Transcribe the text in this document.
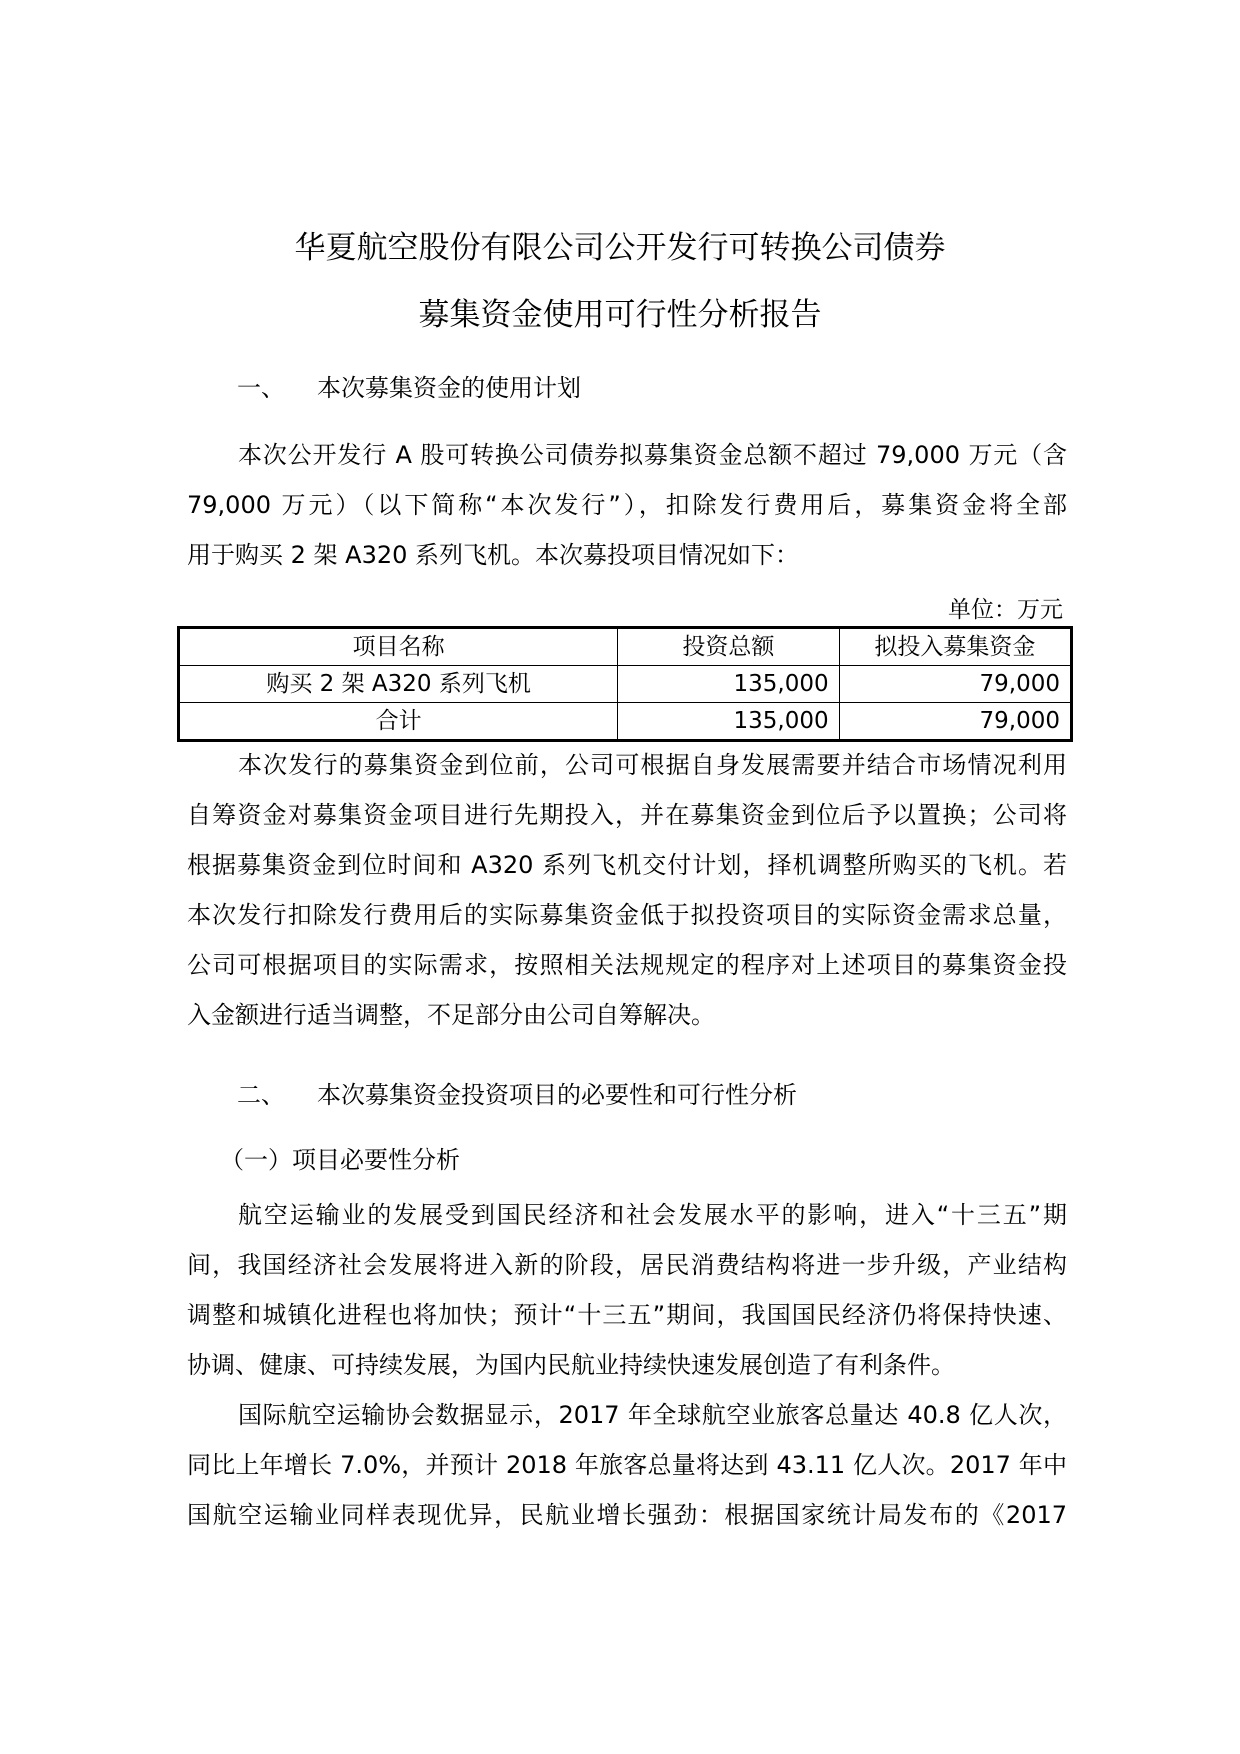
华夏航空股份有限公司公开发行可转换公司债券
募集资金使用可行性分析报告
一、 本次募集资金的使用计划
本次公开发行 A 股可转换公司债券拟募集资金总额不超过 79,000 万元（含
79,000 万元）（以下简称“本次发行”），扣除发行费用后，募集资金将全部
用于购买 2 架 A320 系列飞机。本次募投项目情况如下：
单位：万元
项目名称	投资总额	拟投入募集资金
购买 2 架 A320 系列飞机	135,000	79,000
合计	135,000	79,000
本次发行的募集资金到位前，公司可根据自身发展需要并结合市场情况利用
自筹资金对募集资金项目进行先期投入，并在募集资金到位后予以置换；公司将
根据募集资金到位时间和 A320 系列飞机交付计划，择机调整所购买的飞机。若
本次发行扣除发行费用后的实际募集资金低于拟投资项目的实际资金需求总量，
公司可根据项目的实际需求，按照相关法规规定的程序对上述项目的募集资金投
入金额进行适当调整，不足部分由公司自筹解决。
二、 本次募集资金投资项目的必要性和可行性分析
（一）项目必要性分析
航空运输业的发展受到国民经济和社会发展水平的影响，进入“十三五”期
间，我国经济社会发展将进入新的阶段，居民消费结构将进一步升级，产业结构
调整和城镇化进程也将加快；预计“十三五”期间，我国国民经济仍将保持快速、
协调、健康、可持续发展，为国内民航业持续快速发展创造了有利条件。
国际航空运输协会数据显示，2017 年全球航空业旅客总量达 40.8 亿人次，
同比上年增长 7.0%，并预计 2018 年旅客总量将达到 43.11 亿人次。2017 年中
国航空运输业同样表现优异，民航业增长强劲：根据国家统计局发布的《2017
